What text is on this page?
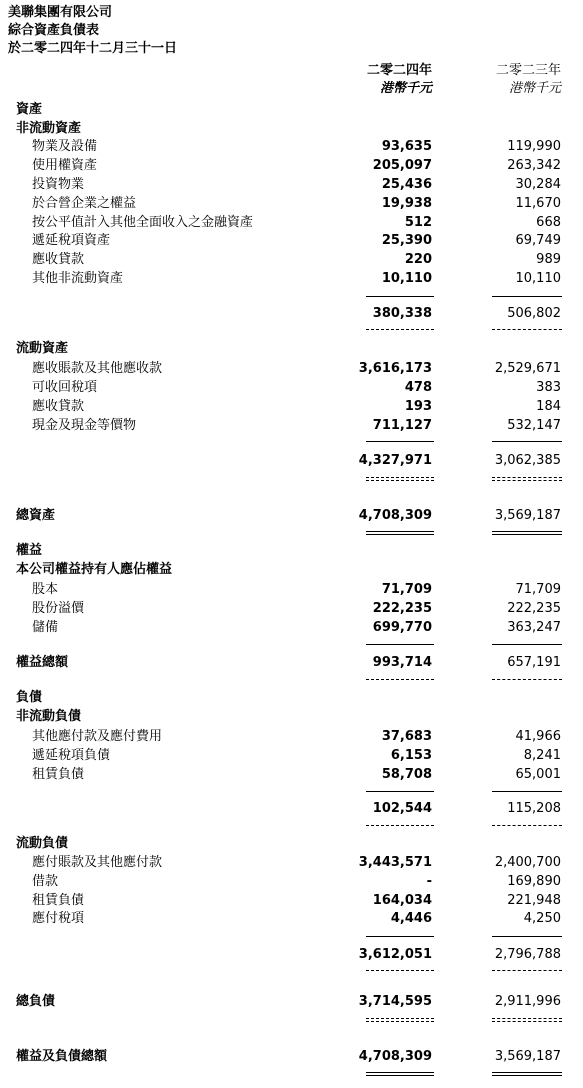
美聯集團有限公司
綜合資產負債表
於二零二四年十二月三十一日
二零二四年	二零二三年
港幣千元	港幣千元
資產
非流動資產
物業及設備	93,635	119,990
使用權資產	205,097	263,342
投資物業	25,436	30,284
於合營企業之權益	19,938	11,670
按公平值計入其他全面收入之金融資產	512	668
遞延稅項資產	25,390	69,749
應收貸款	220	989
其他非流動資產	10,110	10,110
380,338	506,802
流動資產
應收賬款及其他應收款	3,616,173	2,529,671
可收回稅項	478	383
應收貸款	193	184
現金及現金等價物	711,127	532,147
4,327,971	3,062,385
總資產	4,708,309	3,569,187
權益
本公司權益持有人應佔權益
股本	71,709	71,709
股份溢價	222,235	222,235
儲備	699,770	363,247
權益總額	993,714	657,191
負債
非流動負債
其他應付款及應付費用	37,683	41,966
遞延稅項負債	6,153	8,241
租賃負債	58,708	65,001
102,544	115,208
流動負債
應付賬款及其他應付款	3,443,571	2,400,700
借款	-	169,890
租賃負債	164,034	221,948
應付稅項	4,446	4,250
3,612,051	2,796,788
總負債	3,714,595	2,911,996
權益及負債總額	4,708,309	3,569,187
